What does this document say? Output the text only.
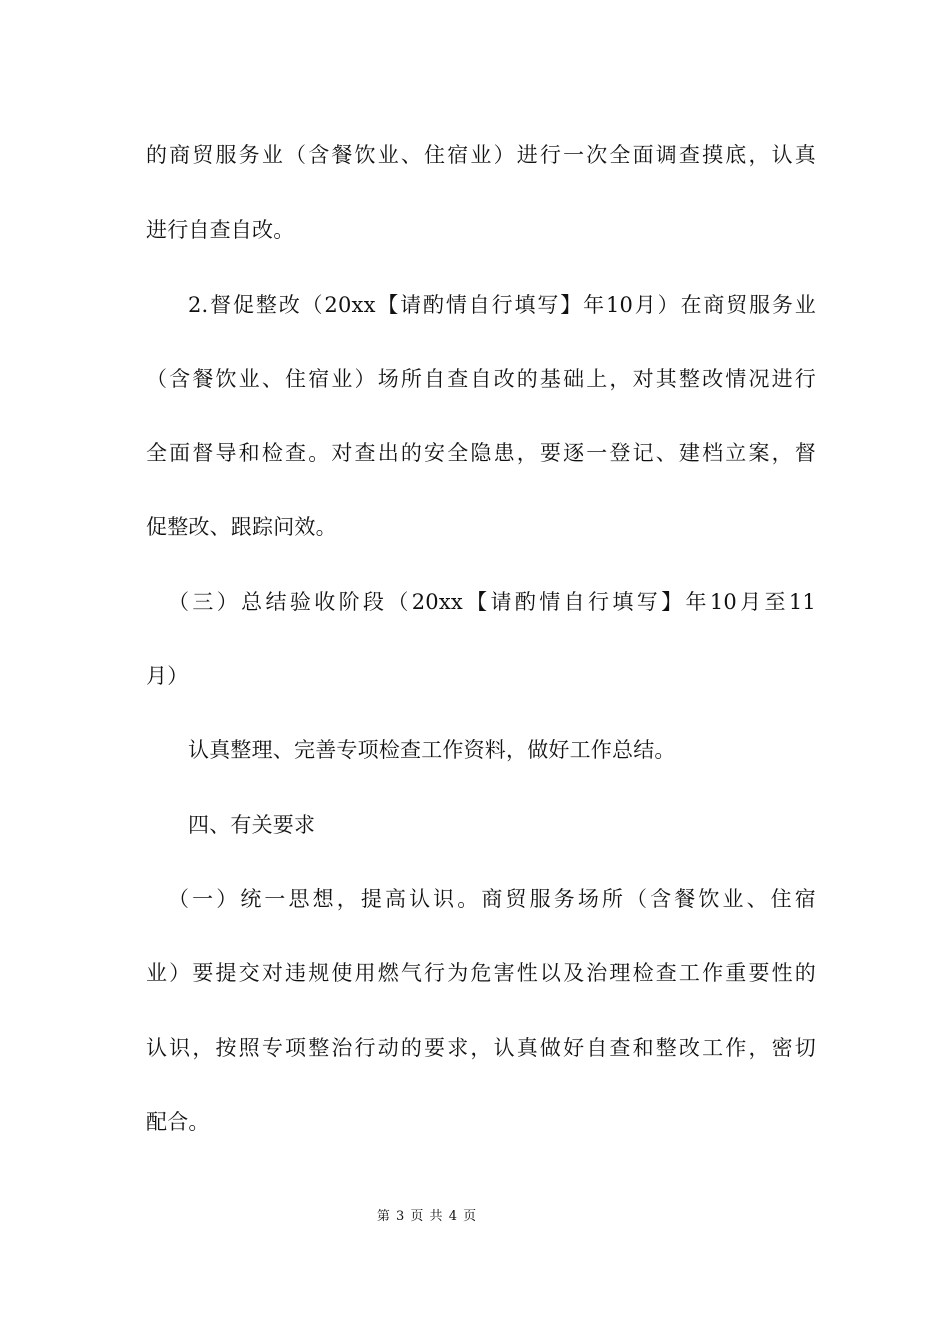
的商贸服务业（含餐饮业、住宿业）进行一次全面调查摸底，认真
进行自查自改。
2.督促整改（20xx【请酌情自行填写】年10月）在商贸服务业
（含餐饮业、住宿业）场所自查自改的基础上，对其整改情况进行
全面督导和检查。对查出的安全隐患，要逐一登记、建档立案，督
促整改、跟踪问效。
（三）总结验收阶段（20xx【请酌情自行填写】年10月至11
月）
认真整理、完善专项检查工作资料，做好工作总结。
四、有关要求
（一）统一思想，提高认识。商贸服务场所（含餐饮业、住宿
业）要提交对违规使用燃气行为危害性以及治理检查工作重要性的
认识，按照专项整治行动的要求，认真做好自查和整改工作，密切
配合。
第 3 页 共 4 页
